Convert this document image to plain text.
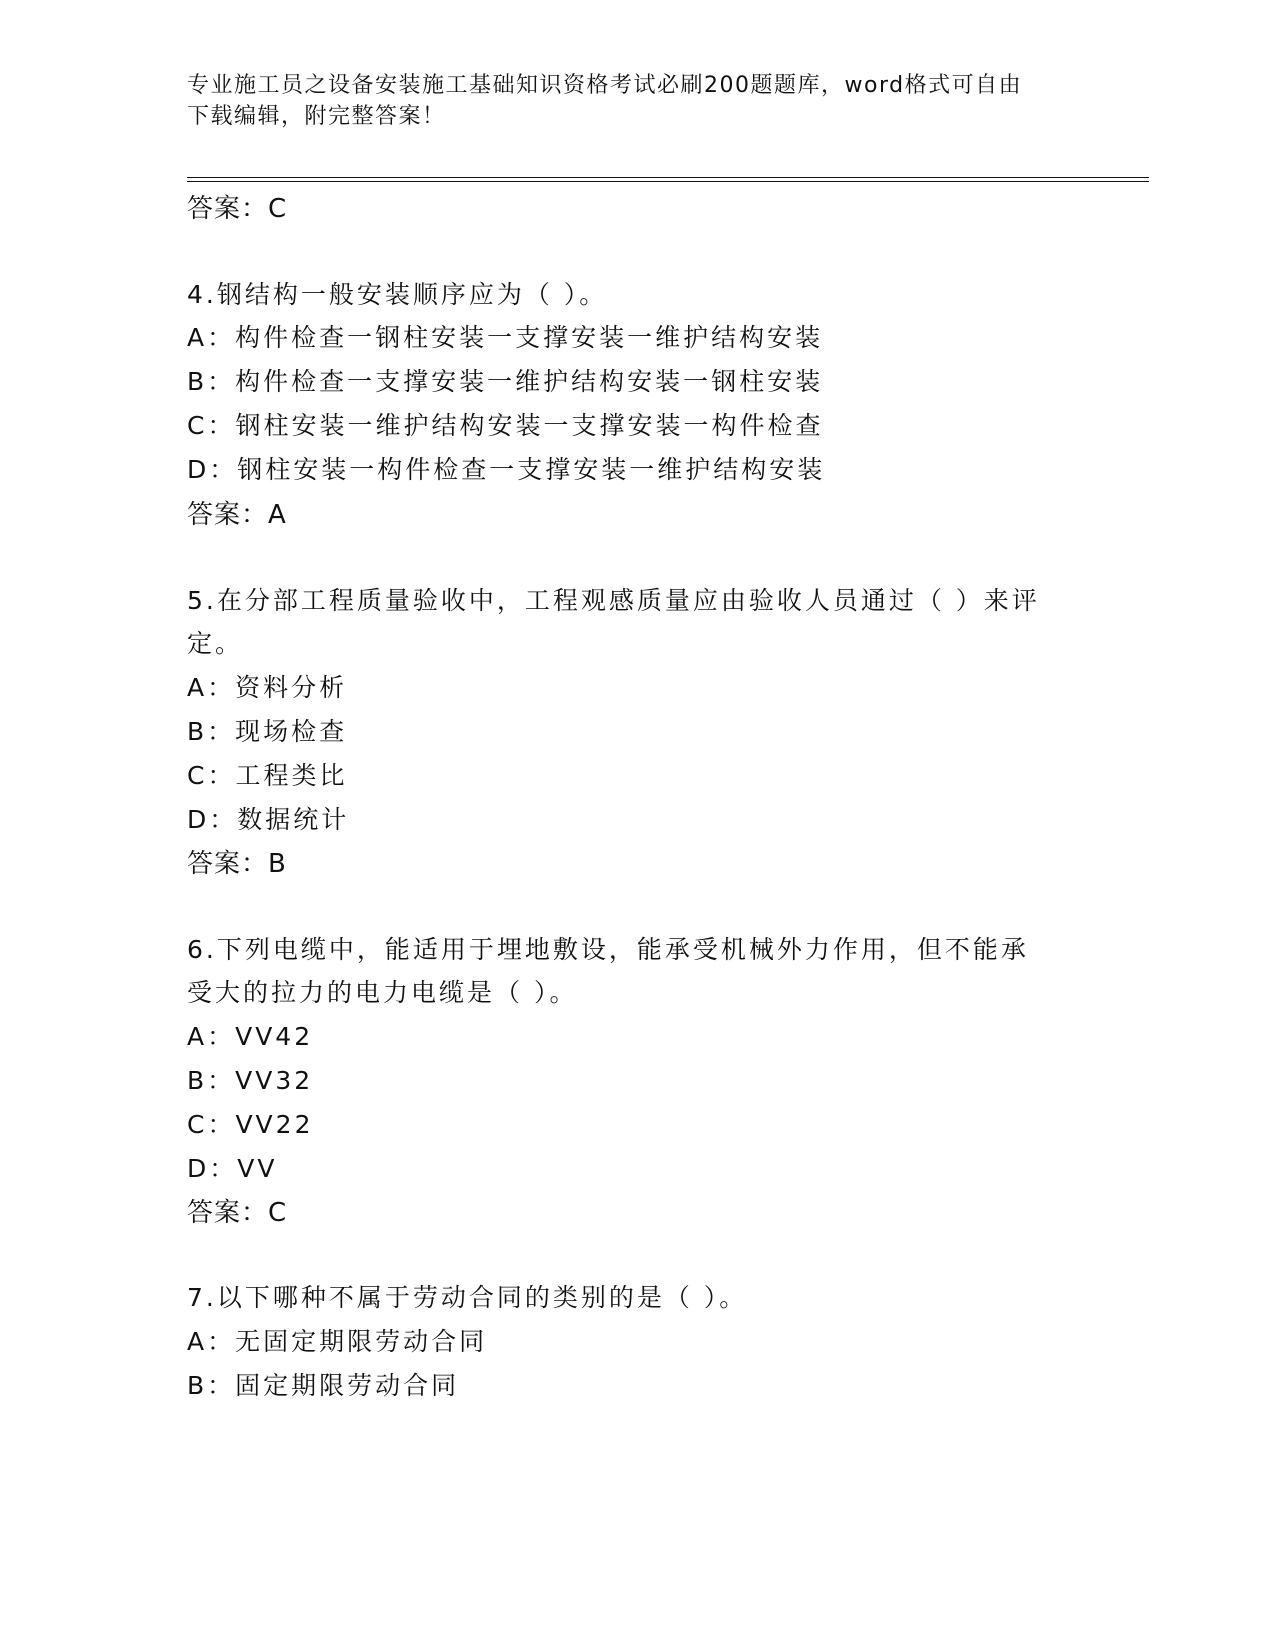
专业施工员之设备安装施工基础知识资格考试必刷200题题库，word格式可自由
下载编辑，附完整答案！
答案：C
4.钢结构一般安装顺序应为（ ）。
A：构件检查一钢柱安装一支撑安装一维护结构安装
B：构件检查一支撑安装一维护结构安装一钢柱安装
C：钢柱安装一维护结构安装一支撑安装一构件检查
D：钢柱安装一构件检查一支撑安装一维护结构安装
答案：A
5.在分部工程质量验收中，工程观感质量应由验收人员通过（ ）来评
定。
A：资料分析
B：现场检查
C：工程类比
D：数据统计
答案：B
6.下列电缆中，能适用于埋地敷设，能承受机械外力作用，但不能承
受大的拉力的电力电缆是（ ）。
A：VV42
B：VV32
C：VV22
D：VV
答案：C
7.以下哪种不属于劳动合同的类别的是（ ）。
A：无固定期限劳动合同
B：固定期限劳动合同
